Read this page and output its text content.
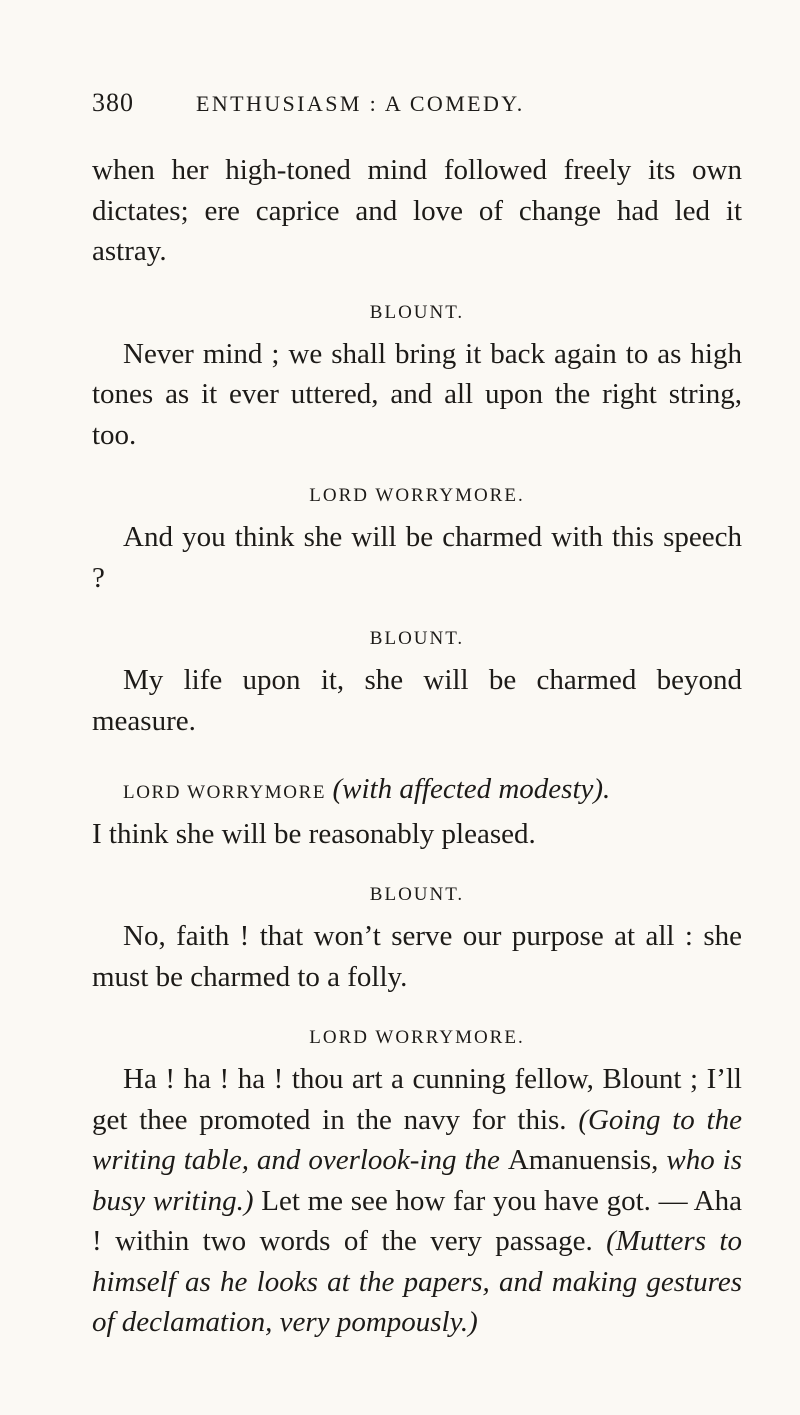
380	ENTHUSIASM : A COMEDY.

when her high-toned mind followed freely its own dictates; ere caprice and love of change had led it astray.

BLOUNT.

Never mind ; we shall bring it back again to as high tones as it ever uttered, and all upon the right string, too.

LORD WORRYMORE.

And you think she will be charmed with this speech ?

BLOUNT.

My life upon it, she will be charmed beyond measure.

LORD WORRYMORE (with affected modesty).

I think she will be reasonably pleased.

BLOUNT.

No, faith ! that won’t serve our purpose at all : she must be charmed to a folly.

LORD WORRYMORE.

Ha ! ha ! ha ! thou art a cunning fellow, Blount ; I’ll get thee promoted in the navy for this. (Going to the writing table, and overlook-ing the Amanuensis, who is busy writing.) Let me see how far you have got. — Aha ! within two words of the very passage. (Mutters to himself as he looks at the papers, and making gestures of declamation, very pompously.)
